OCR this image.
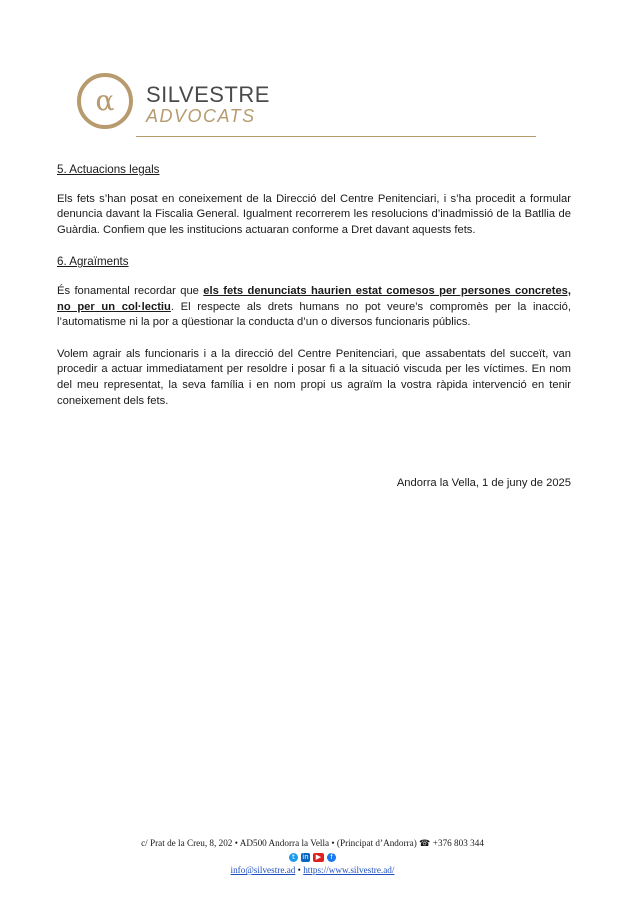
α SILVESTRE
ADVOCATS
5. Actuacions legals

Els fets s’han posat en coneixement de la Direcció del Centre Penitenciari, i s’ha procedit a formular denuncia davant la Fiscalia General. Igualment recorrerem les resolucions d’inadmissió de la Batllia de Guàrdia. Confiem que les institucions actuaran conforme a Dret davant aquests fets.

6. Agraïments

És fonamental recordar que els fets denunciats haurien estat comesos per persones concretes, no per un col·lectiu. El respecte als drets humans no pot veure’s compromès per la inacció, l’automatisme ni la por a qüestionar la conducta d’un o diversos funcionaris públics.

Volem agrair als funcionaris i a la direcció del Centre Penitenciari, que assabentats del succeït, van procedir a actuar immediatament per resoldre i posar fi a la situació viscuda per les víctimes. En nom del meu representat, la seva família i en nom propi us agraïm la vostra ràpida intervenció en tenir coneixement dels fets.

Andorra la Vella, 1 de juny de 2025
c/ Prat de la Creu, 8, 202 • AD500 Andorra la Vella • (Principat d’Andorra) ☎ +376 803 344
t	in	▶	f
info@silvestre.ad • https://www.silvestre.ad/
